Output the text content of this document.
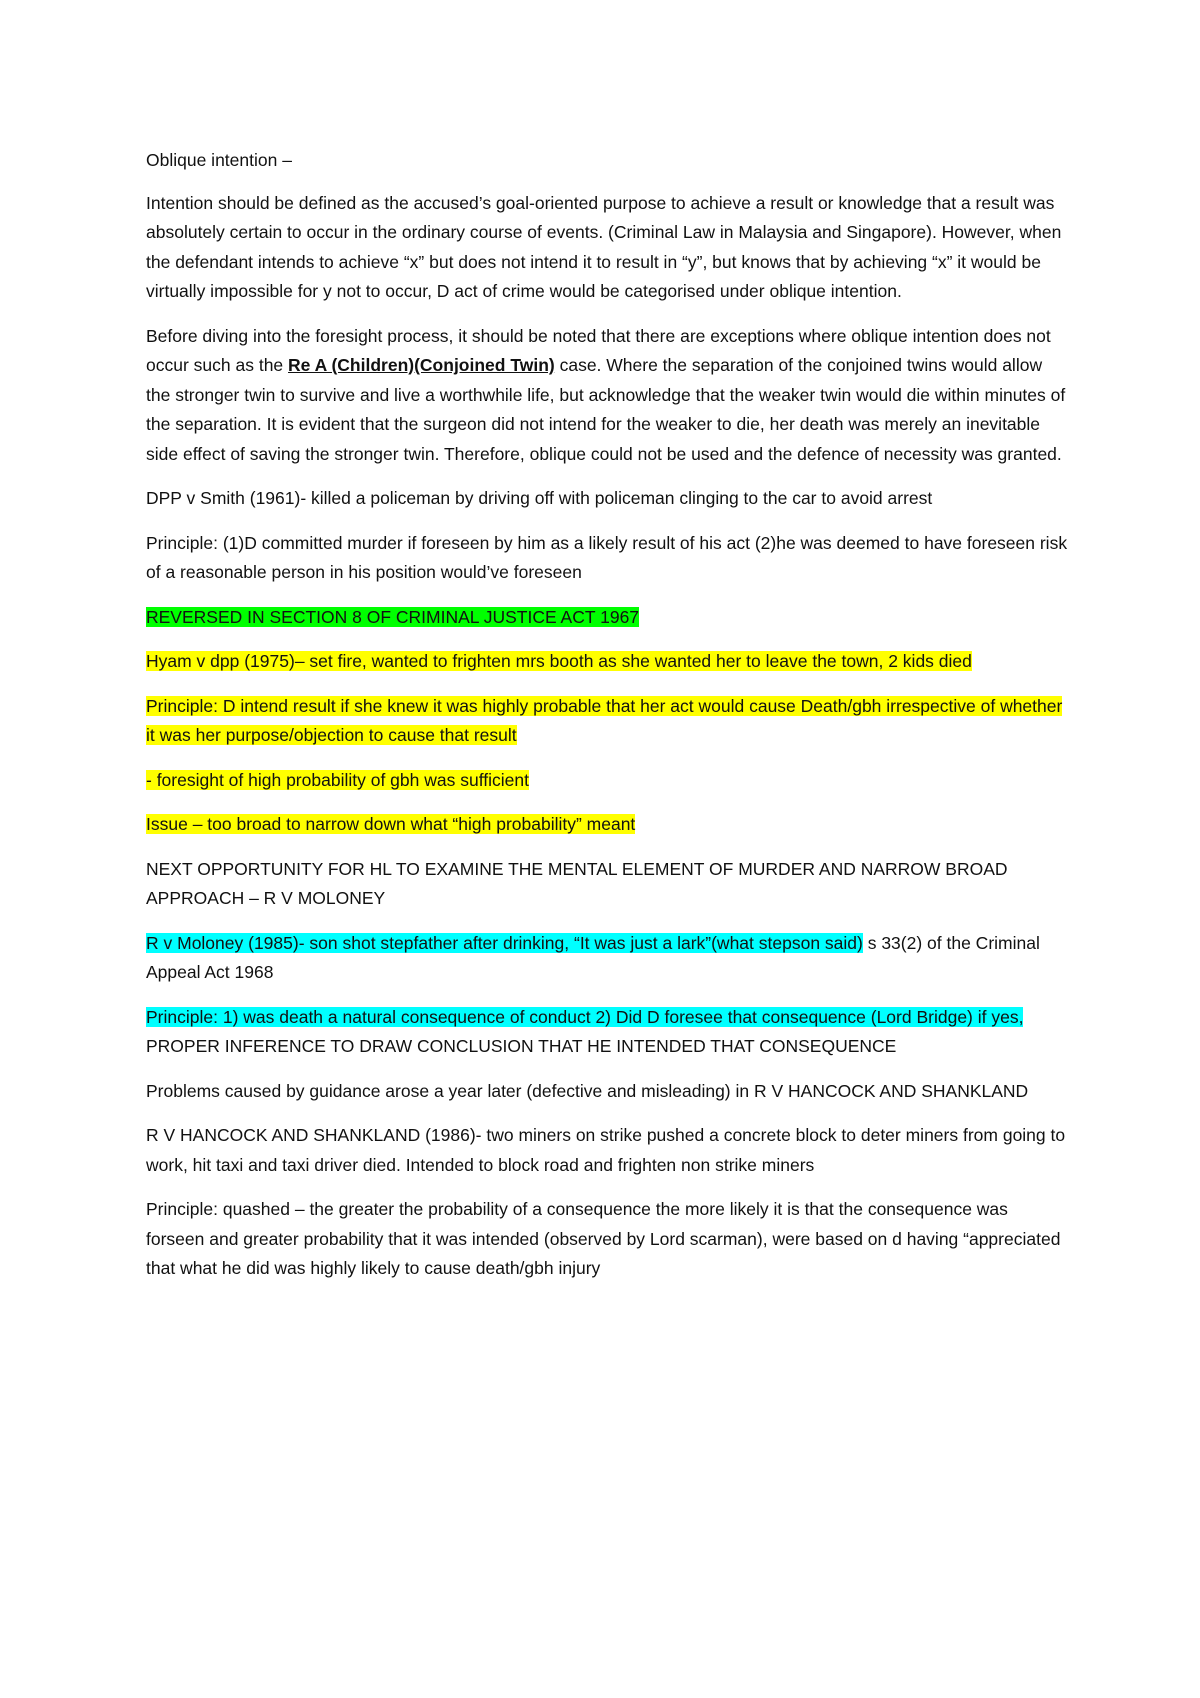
Oblique intention –

Intention should be defined as the accused’s goal-oriented purpose to achieve a result or knowledge that a result was absolutely certain to occur in the ordinary course of events. (Criminal Law in Malaysia and Singapore). However, when the defendant intends to achieve “x” but does not intend it to result in “y”, but knows that by achieving “x” it would be virtually impossible for y not to occur, D act of crime would be categorised under oblique intention.

Before diving into the foresight process, it should be noted that there are exceptions where oblique intention does not occur such as the Re A (Children)(Conjoined Twin) case. Where the separation of the conjoined twins would allow the stronger twin to survive and live a worthwhile life, but acknowledge that the weaker twin would die within minutes of the separation. It is evident that the surgeon did not intend for the weaker to die, her death was merely an inevitable side effect of saving the stronger twin. Therefore, oblique could not be used and the defence of necessity was granted.

DPP v Smith (1961)- killed a policeman by driving off with policeman clinging to the car to avoid arrest

Principle: (1)D committed murder if foreseen by him as a likely result of his act (2)he was deemed to have foreseen risk of a reasonable person in his position would’ve foreseen

REVERSED IN SECTION 8 OF CRIMINAL JUSTICE ACT 1967

Hyam v dpp (1975)– set fire, wanted to frighten mrs booth as she wanted her to leave the town, 2 kids died

Principle: D intend result if she knew it was highly probable that her act would cause Death/gbh irrespective of whether it was her purpose/objection to cause that result

- foresight of high probability of gbh was sufficient

Issue – too broad to narrow down what “high probability” meant

NEXT OPPORTUNITY FOR HL TO EXAMINE THE MENTAL ELEMENT OF MURDER AND NARROW BROAD APPROACH – R V MOLONEY

R v Moloney (1985)- son shot stepfather after drinking, “It was just a lark”(what stepson said) s 33(2) of the Criminal Appeal Act 1968

Principle: 1) was death a natural consequence of conduct 2) Did D foresee that consequence (Lord Bridge) if yes, PROPER INFERENCE TO DRAW CONCLUSION THAT HE INTENDED THAT CONSEQUENCE

Problems caused by guidance arose a year later (defective and misleading) in R V HANCOCK AND SHANKLAND

R V HANCOCK AND SHANKLAND (1986)- two miners on strike pushed a concrete block to deter miners from going to work, hit taxi and taxi driver died. Intended to block road and frighten non strike miners

Principle: quashed – the greater the probability of a consequence the more likely it is that the consequence was forseen and greater probability that it was intended (observed by Lord scarman), were based on d having “appreciated that what he did was highly likely to cause death/gbh injury
